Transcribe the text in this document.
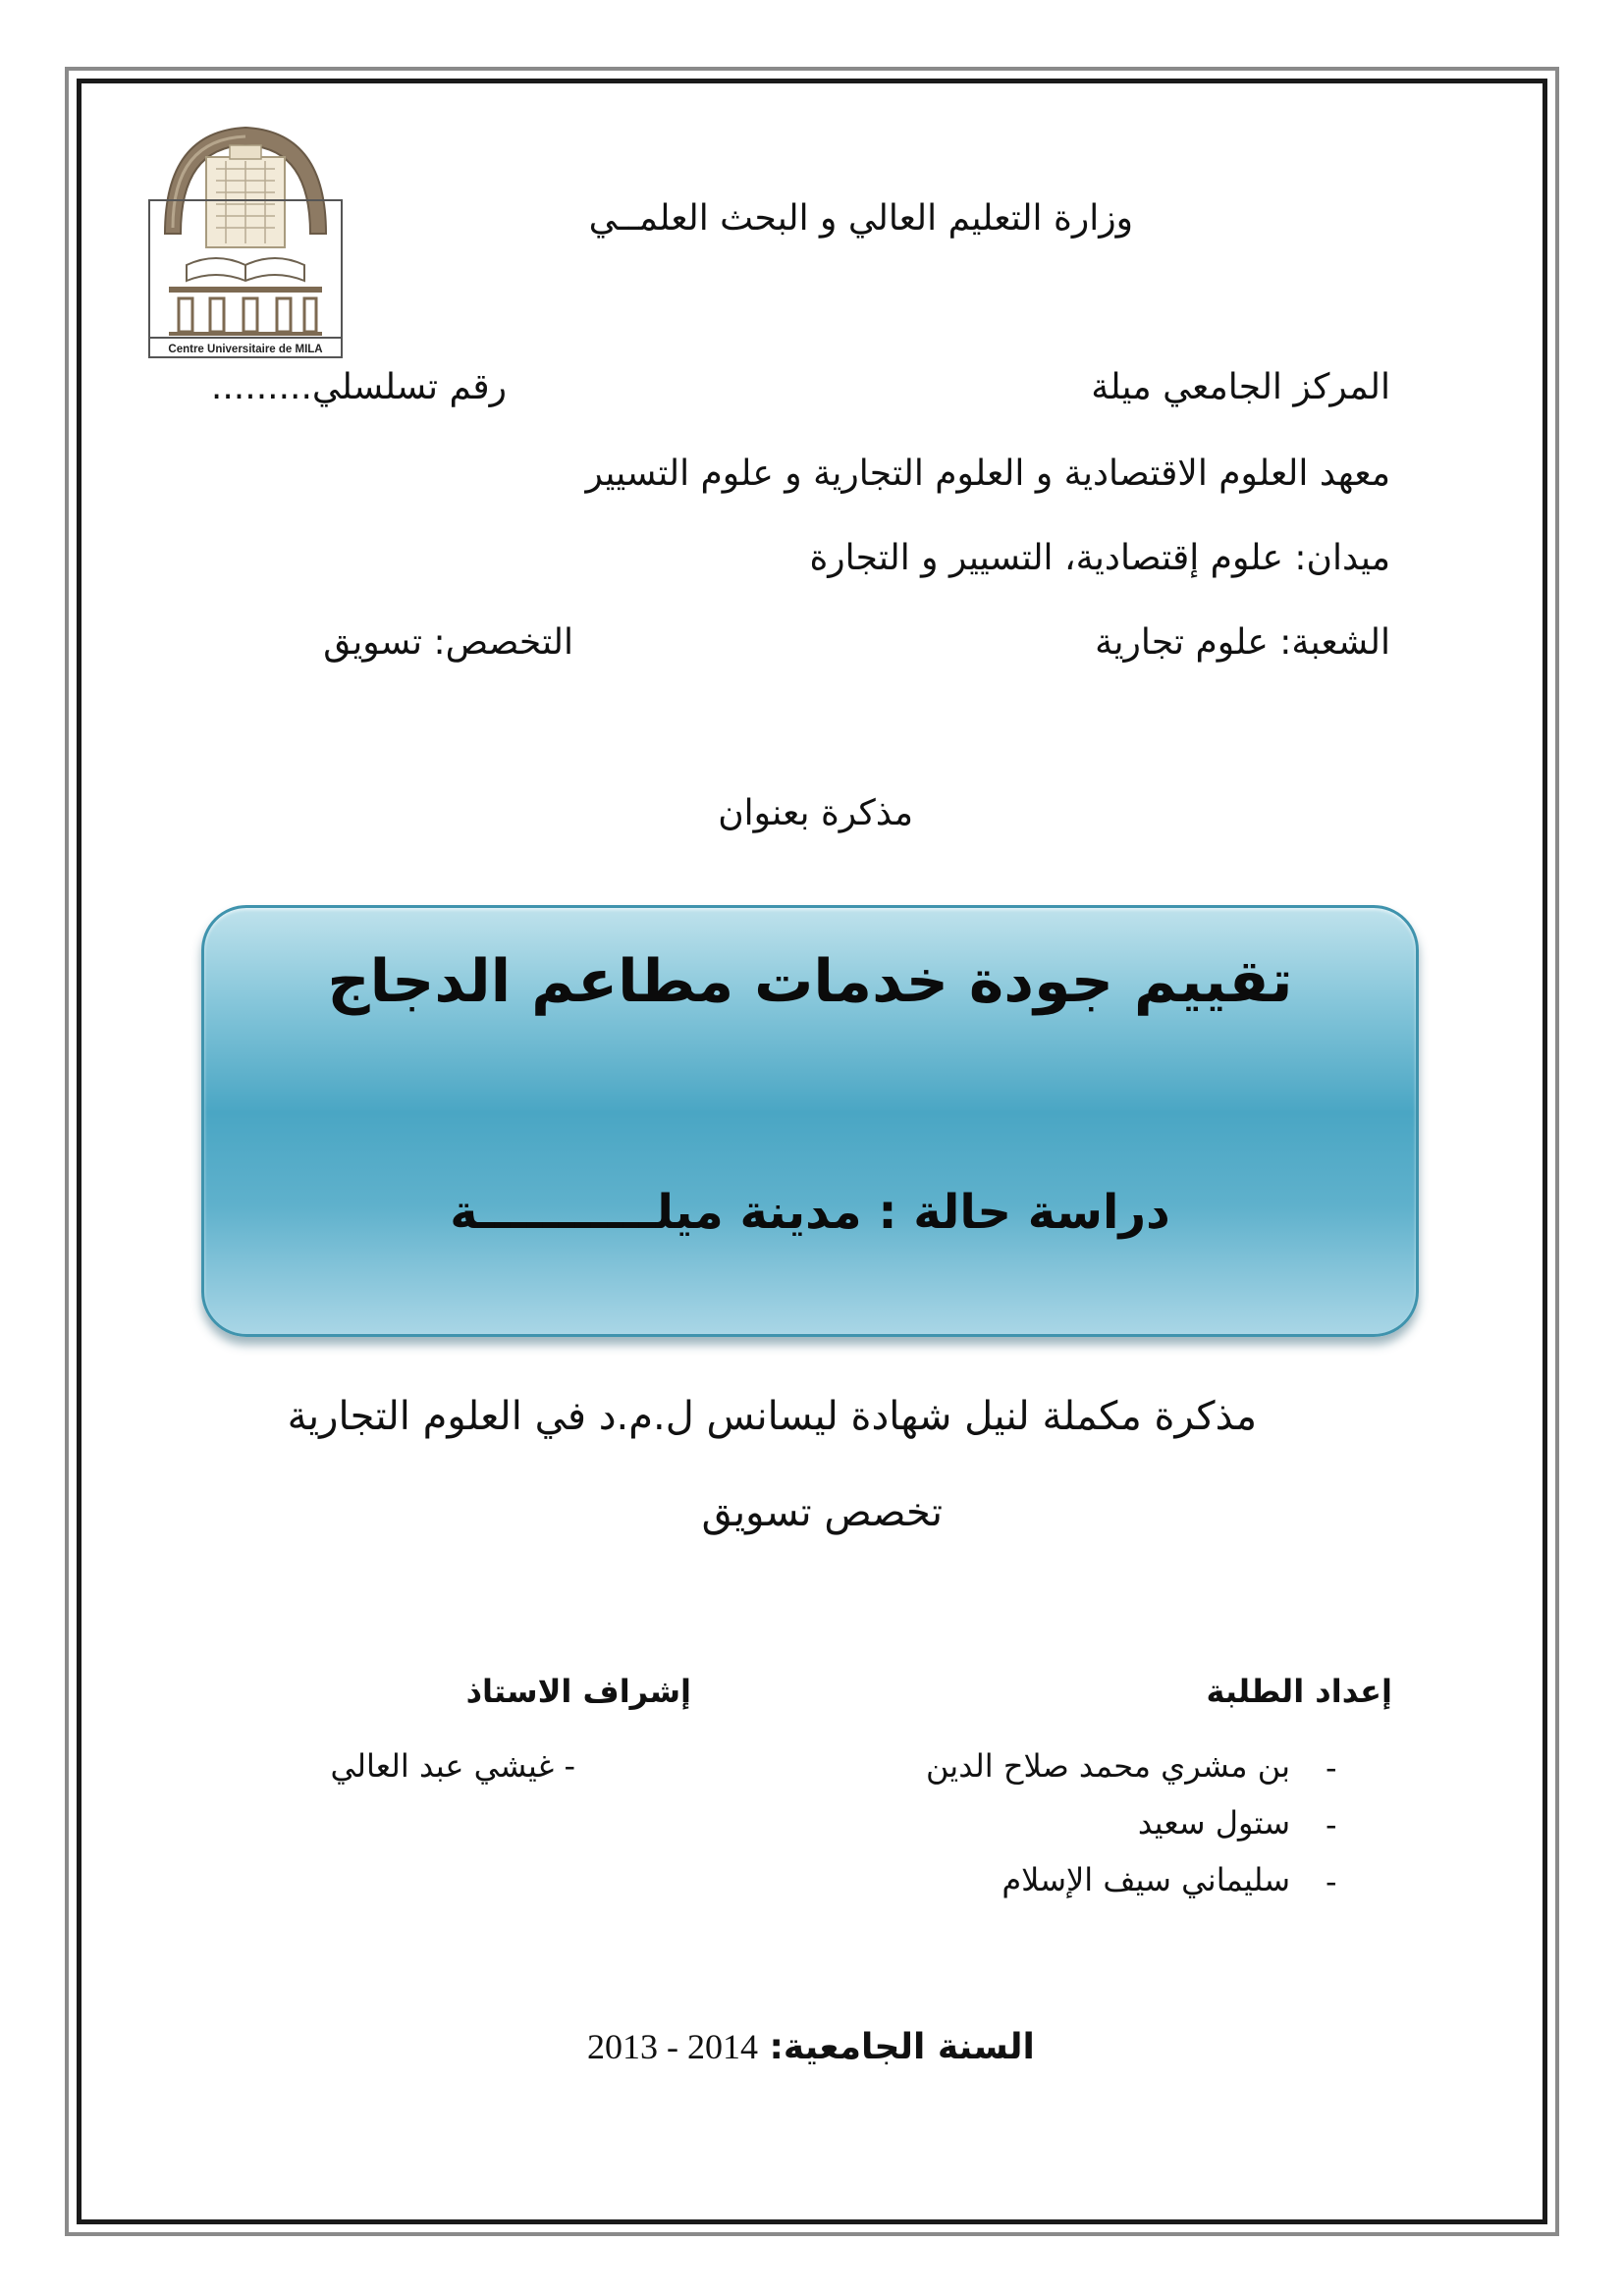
Centre Universitaire de MILA
وزارة التعليم العالي و البحث العلمــي
المركز الجامعي ميلة
رقم تسلسلي.........
معهد العلوم الاقتصادية و العلوم التجارية و علوم التسيير
ميدان: علوم إقتصادية، التسيير و التجارة
الشعبة: علوم تجارية
التخصص: تسويق
مذكرة بعنوان
تقييم جودة خدمات مطاعم الدجاج
دراسة حالة : مدينة ميلـــــــــــة
مذكرة مكملة لنيل شهادة ليسانس ل.م.د في العلوم التجارية
تخصص تسويق
إعداد الطلبة
-
بن مشري محمد صلاح الدين
-
ستول سعيد
-
سليماني سيف الإسلام
إشراف الاستاذ
- غيشي عبد العالي
2013 - 2014 السنة الجامعية:
